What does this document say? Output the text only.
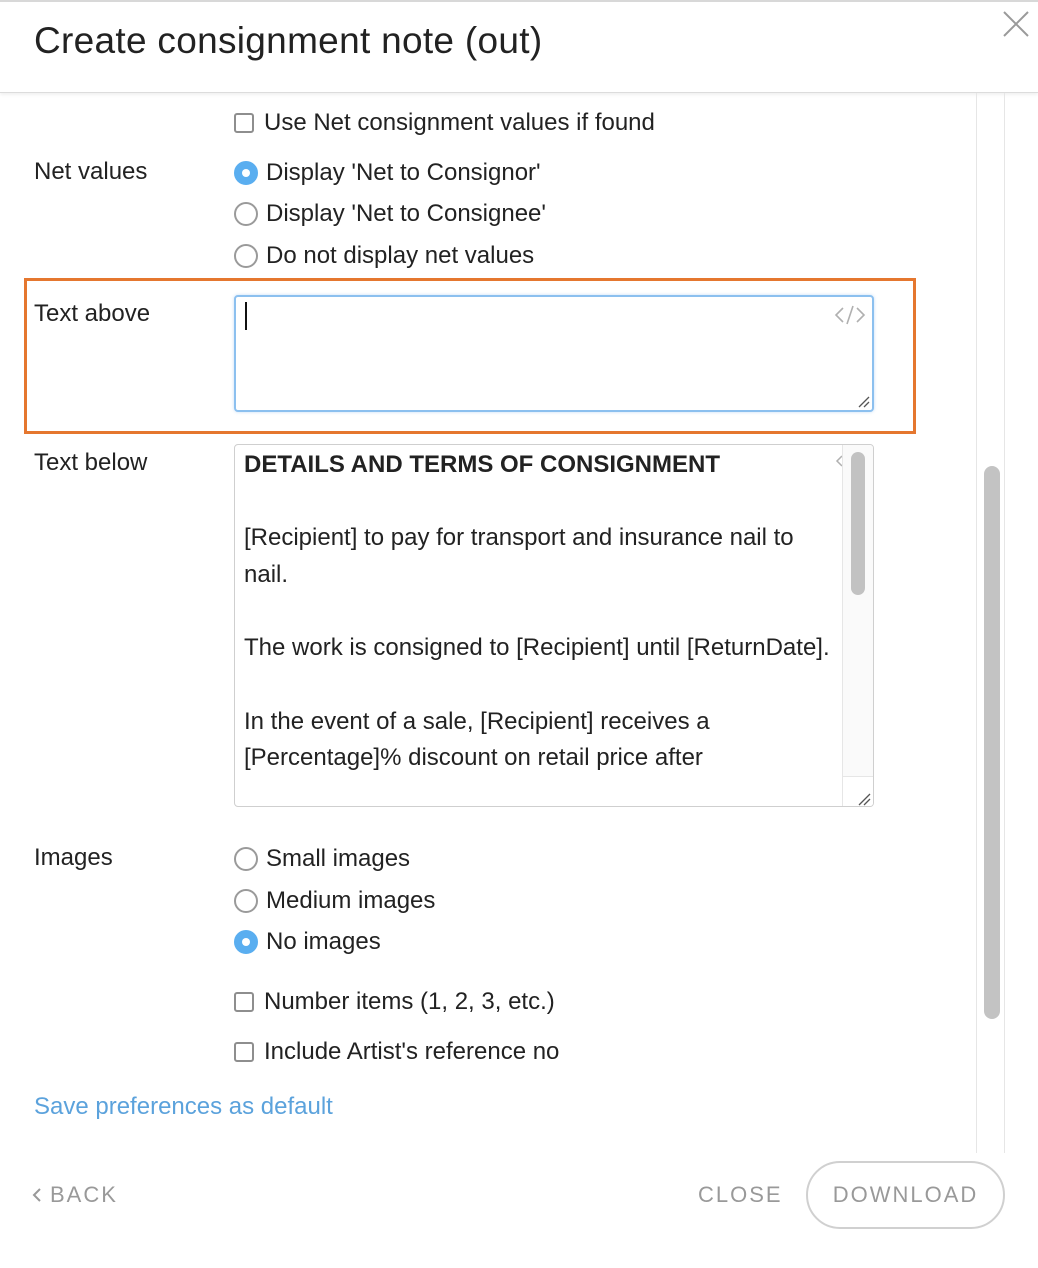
Create consignment note (out)
Use Net consignment values if found
Net values	Display 'Net to Consignor'
Display 'Net to Consignee'
Do not display net values
Text above
Text below	DETAILS AND TERMS OF CONSIGNMENT

[Recipient] to pay for transport and insurance nail to nail.

The work is consigned to [Recipient] until [ReturnDate].

In the event of a sale, [Recipient] receives a [Percentage]% discount on retail price after

Images	Small images
Medium images
No images
Number items (1, 2, 3, etc.)
Include Artist's reference no
Save preferences as default
BACK	CLOSE	DOWNLOAD
